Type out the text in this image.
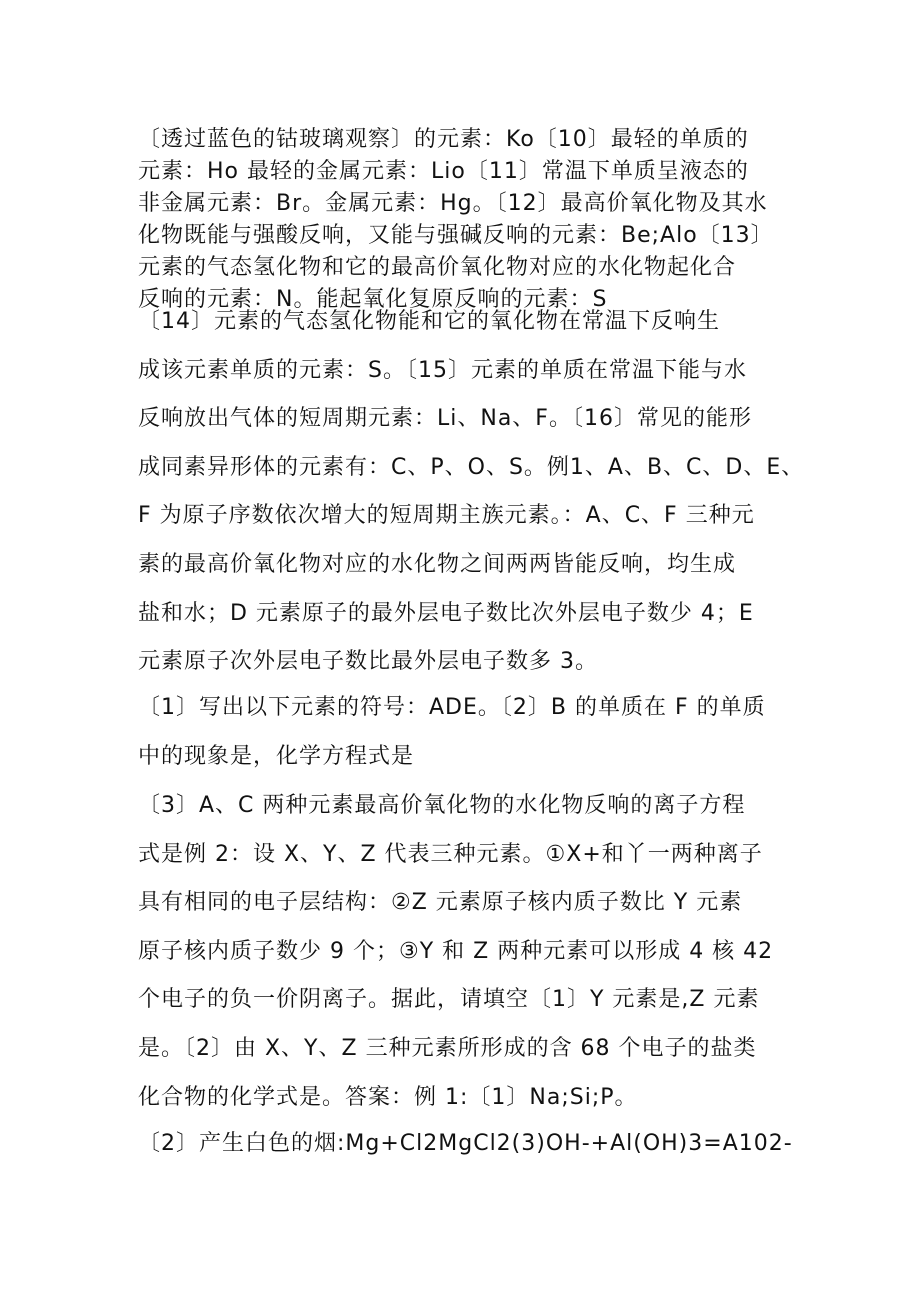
〔透过蓝色的钴玻璃观察〕的元素：Ko〔10〕最轻的单质的
元素：Ho 最轻的金属元素：Lio〔11〕常温下单质呈液态的
非金属元素：Br。金属元素：Hg。〔12〕最高价氧化物及其水
化物既能与强酸反响，又能与强碱反响的元素：Be;Alo〔13〕
元素的气态氢化物和它的最高价氧化物对应的水化物起化合
反响的元素：N。能起氧化复原反响的元素：S
〔14〕元素的气态氢化物能和它的氧化物在常温下反响生
成该元素单质的元素：S。〔15〕元素的单质在常温下能与水
反响放出气体的短周期元素：Li、Na、F。〔16〕常见的能形
成同素异形体的元素有：C、P、O、S。例1、A、B、C、D、E、
F 为原子序数依次增大的短周期主族元素。：A、C、F 三种元
素的最高价氧化物对应的水化物之间两两皆能反响，均生成
盐和水；D 元素原子的最外层电子数比次外层电子数少 4；E
元素原子次外层电子数比最外层电子数多 3。
〔1〕写出以下元素的符号：ADE。〔2〕B 的单质在 F 的单质
中的现象是，化学方程式是
〔3〕A、C 两种元素最高价氧化物的水化物反响的离子方程
式是例 2：设 X、Y、Z 代表三种元素。①X+和丫一两种离子
具有相同的电子层结构：②Z 元素原子核内质子数比 Y 元素
原子核内质子数少 9 个；③Y 和 Z 两种元素可以形成 4 核 42
个电子的负一价阴离子。据此，请填空〔1〕Y 元素是,Z 元素
是。〔2〕由 X、Y、Z 三种元素所形成的含 68 个电子的盐类
化合物的化学式是。答案：例 1:〔1〕Na;Si;P。
〔2〕产生白色的烟:Mg+Cl2MgCl2(3)OH-+Al(OH)3=A102-
